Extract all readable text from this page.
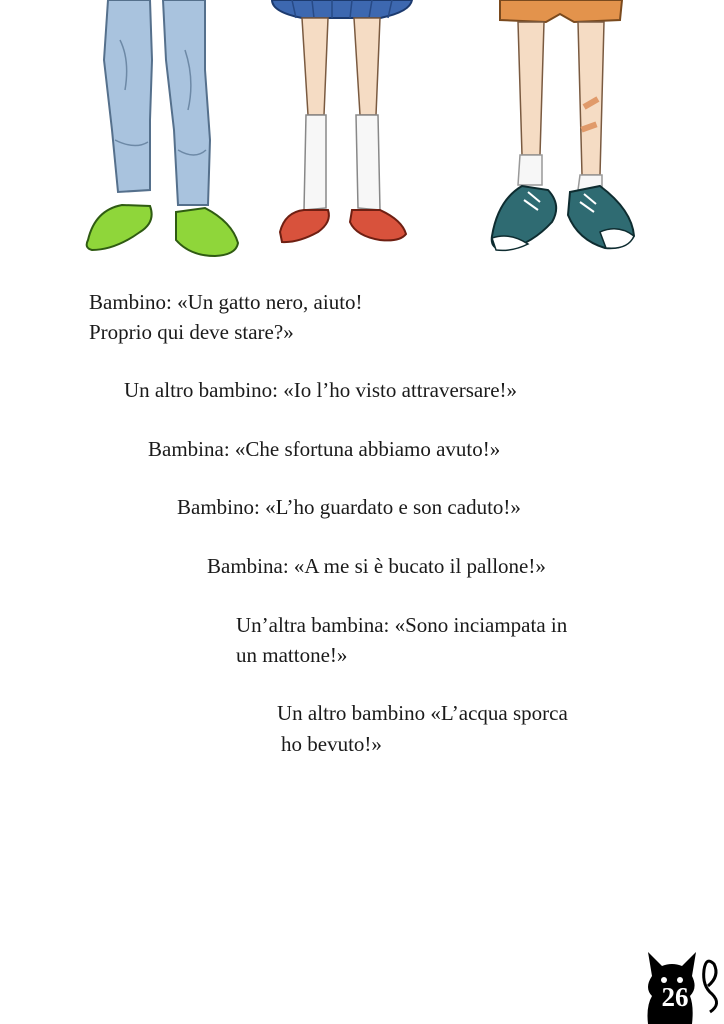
Bambino: «Un gatto nero, aiuto!

Proprio qui deve stare?»

Un altro bambino: «Io l’ho visto attraversare!»

Bambina: «Che sfortuna abbiamo avuto!»

Bambino: «L’ho guardato e son caduto!»

Bambina: «A me si è bucato il pallone!»

Un’altra bambina: «Sono inciampata in

un mattone!»

Un altro bambino «L’acqua sporca

ho bevuto!»

26
